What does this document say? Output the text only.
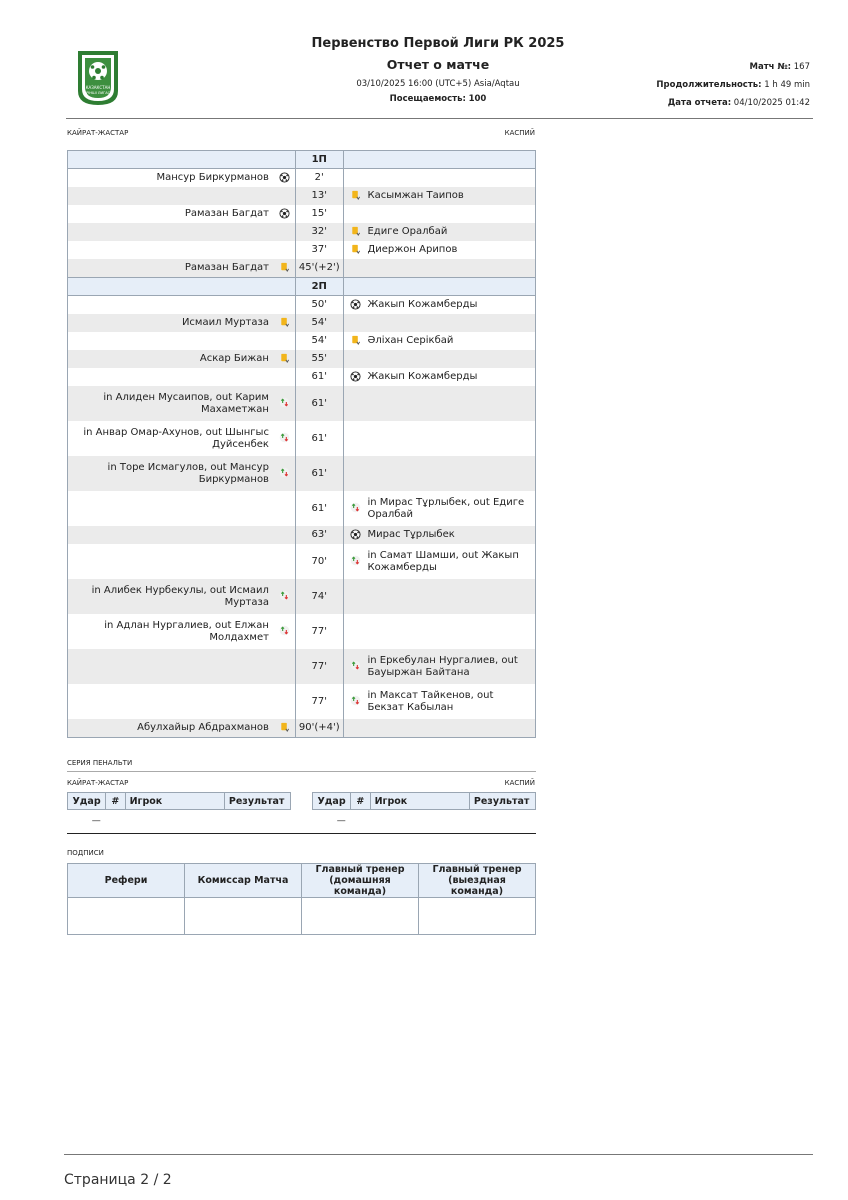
КАЗАКСТАН
БІРІНШІ ЛИГАСЫ
Первенство Первой Лиги РК 2025
Отчет о матче
03/10/2025 16:00 (UTC+5) Asia/Aqtau
Посещаемость: 100
Матч №: 167
Продолжительность: 1 h 49 min
Дата отчета: 04/10/2025 01:42
КАЙРАТ-ЖАСТАР	КАСПИЙ
		1П		

Мансур Биркурманов		2'		

		13'		Касымжан Таипов

Рамазан Багдат		15'		

		32'		Едиге Оралбай

		37'		Диержон Арипов

Рамазан Багдат		45'(+2')		

		2П		

		50'		Жакып Кожамберды

Исмаил Муртаза		54'		

		54'		Әліхан Серікбай

Аскар Бижан		55'		

		61'		Жакып Кожамберды

in Алиден Мусаипов, out Карим Махаметжан		61'		

in Анвар Омар-Ахунов, out Шынгыс Дуйсенбек		61'		

in Торе Исмагулов, out Мансур Биркурманов		61'		

		61'		in Мирас Тұрлыбек, out Едиге Оралбай

		63'		Мирас Тұрлыбек

		70'		in Самат Шамши, out Жакып Кожамберды

in Алибек Нурбекулы, out Исмаил Муртаза		74'		

in Адлан Нургалиев, out Елжан Молдахмет		77'		

		77'		in Еркебулан Нургалиев, out Бауыржан Байтана

		77'		in Максат Тайкенов, out Бекзат Кабылан

Абулхайыр Абдрахманов		90'(+4')		
СЕРИЯ ПЕНАЛЬТИ
КАЙРАТ-ЖАСТАР	КАСПИЙ
Удар	#	Игрок	Результат
—			
Удар	#	Игрок	Результат
—			
ПОДПИСИ
Рефери	Комиссар Матча	Главный тренер (домашняя команда)	Главный тренер (выездная команда)

Страница 2 / 2
